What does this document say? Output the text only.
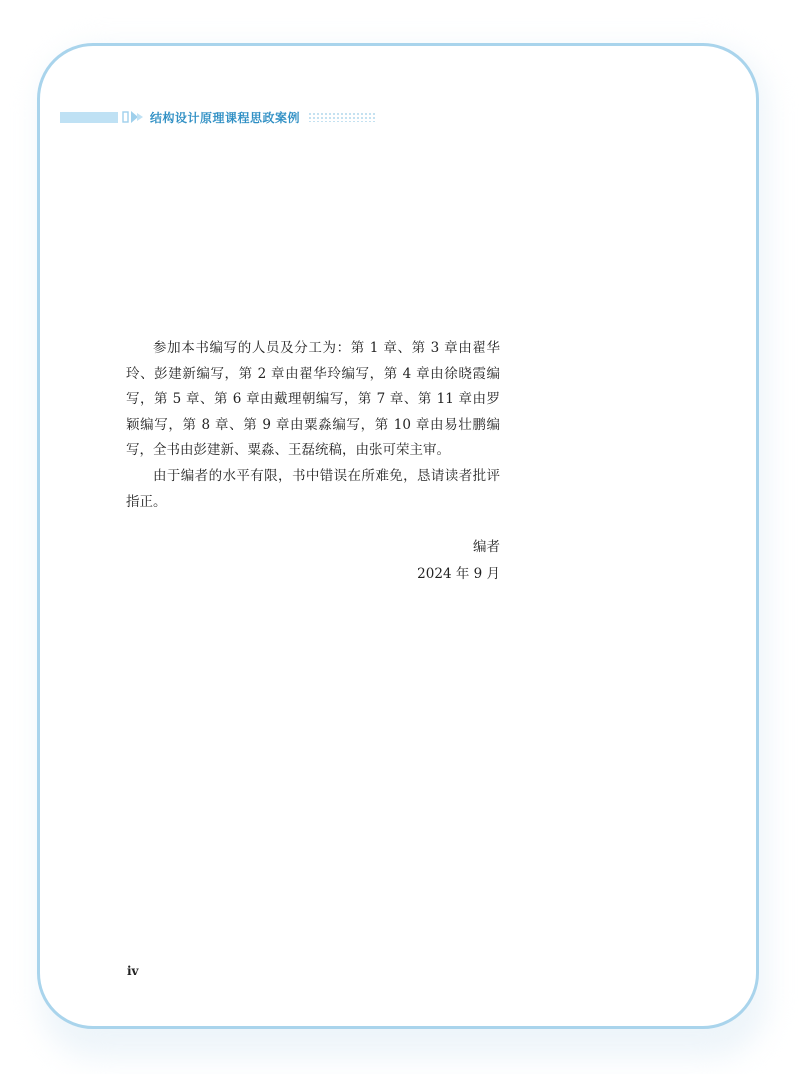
结构设计原理课程思政案例

参加本书编写的人员及分工为：第 1 章、第 3 章由翟华玲、彭建新编写，第 2 章由翟华玲编写，第 4 章由徐晓霞编写，第 5 章、第 6 章由戴理朝编写，第 7 章、第 11 章由罗颖编写，第 8 章、第 9 章由粟淼编写，第 10 章由易壮鹏编写，全书由彭建新、粟淼、王磊统稿，由张可荣主审。

由于编者的水平有限，书中错误在所难免，恳请读者批评指正。

编者
2024 年 9 月
iv
